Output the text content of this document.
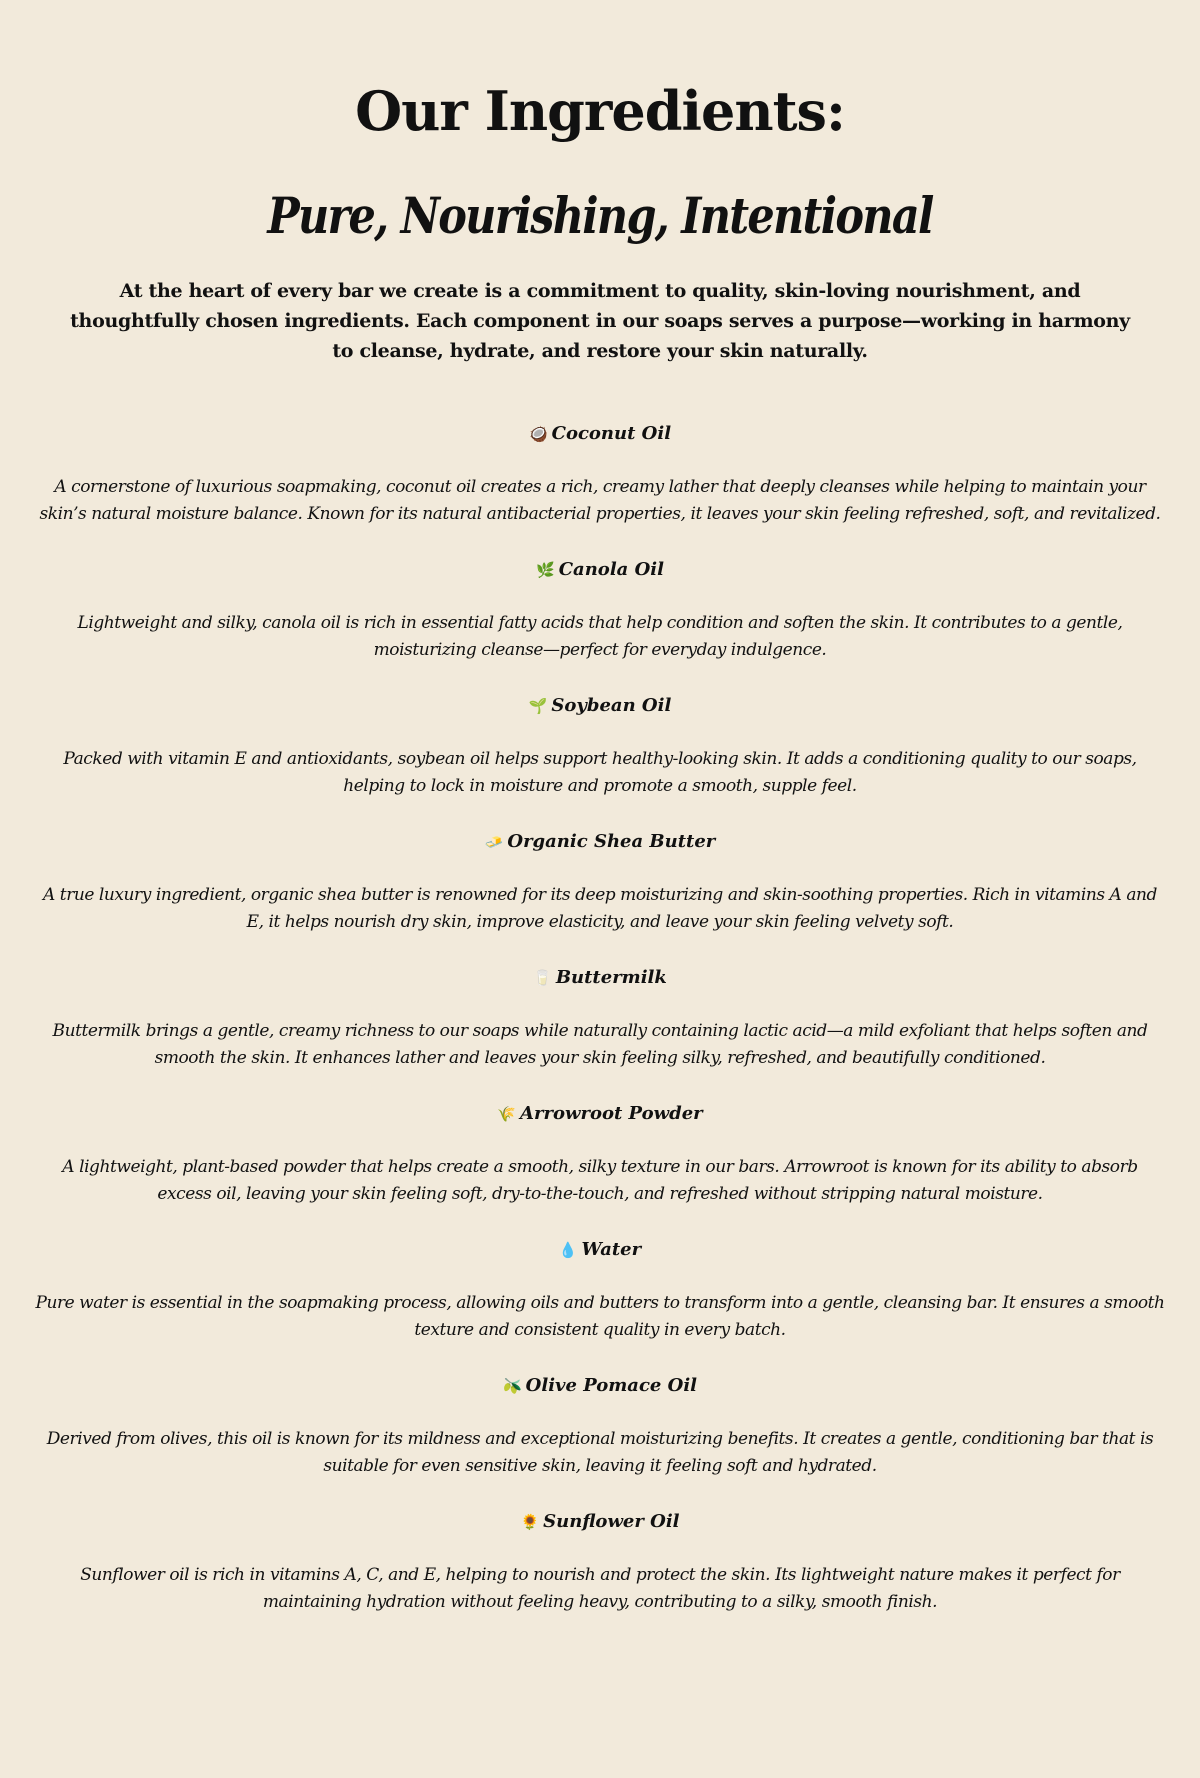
Our Ingredients:
Pure, Nourishing, Intentional

At the heart of every bar we create is a commitment to quality, skin-loving nourishment, and thoughtfully chosen ingredients. Each component in our soaps serves a purpose—working in harmony to cleanse, hydrate, and restore your skin naturally.

🥥 Coconut Oil

A cornerstone of luxurious soapmaking, coconut oil creates a rich, creamy lather that deeply cleanses while helping to maintain your skin’s natural moisture balance. Known for its natural antibacterial properties, it leaves your skin feeling refreshed, soft, and revitalized.

🌿 Canola Oil

Lightweight and silky, canola oil is rich in essential fatty acids that help condition and soften the skin. It contributes to a gentle, moisturizing cleanse—perfect for everyday indulgence.

🌱 Soybean Oil

Packed with vitamin E and antioxidants, soybean oil helps support healthy-looking skin. It adds a conditioning quality to our soaps, helping to lock in moisture and promote a smooth, supple feel.

🧈 Organic Shea Butter

A true luxury ingredient, organic shea butter is renowned for its deep moisturizing and skin-soothing properties. Rich in vitamins A and E, it helps nourish dry skin, improve elasticity, and leave your skin feeling velvety soft.

🥛 Buttermilk

Buttermilk brings a gentle, creamy richness to our soaps while naturally containing lactic acid—a mild exfoliant that helps soften and smooth the skin. It enhances lather and leaves your skin feeling silky, refreshed, and beautifully conditioned.

🌾 Arrowroot Powder

A lightweight, plant-based powder that helps create a smooth, silky texture in our bars. Arrowroot is known for its ability to absorb excess oil, leaving your skin feeling soft, dry-to-the-touch, and refreshed without stripping natural moisture.

💧 Water

Pure water is essential in the soapmaking process, allowing oils and butters to transform into a gentle, cleansing bar. It ensures a smooth texture and consistent quality in every batch.

🫒 Olive Pomace Oil

Derived from olives, this oil is known for its mildness and exceptional moisturizing benefits. It creates a gentle, conditioning bar that is suitable for even sensitive skin, leaving it feeling soft and hydrated.

🌻 Sunflower Oil

Sunflower oil is rich in vitamins A, C, and E, helping to nourish and protect the skin. Its lightweight nature makes it perfect for maintaining hydration without feeling heavy, contributing to a silky, smooth finish.
